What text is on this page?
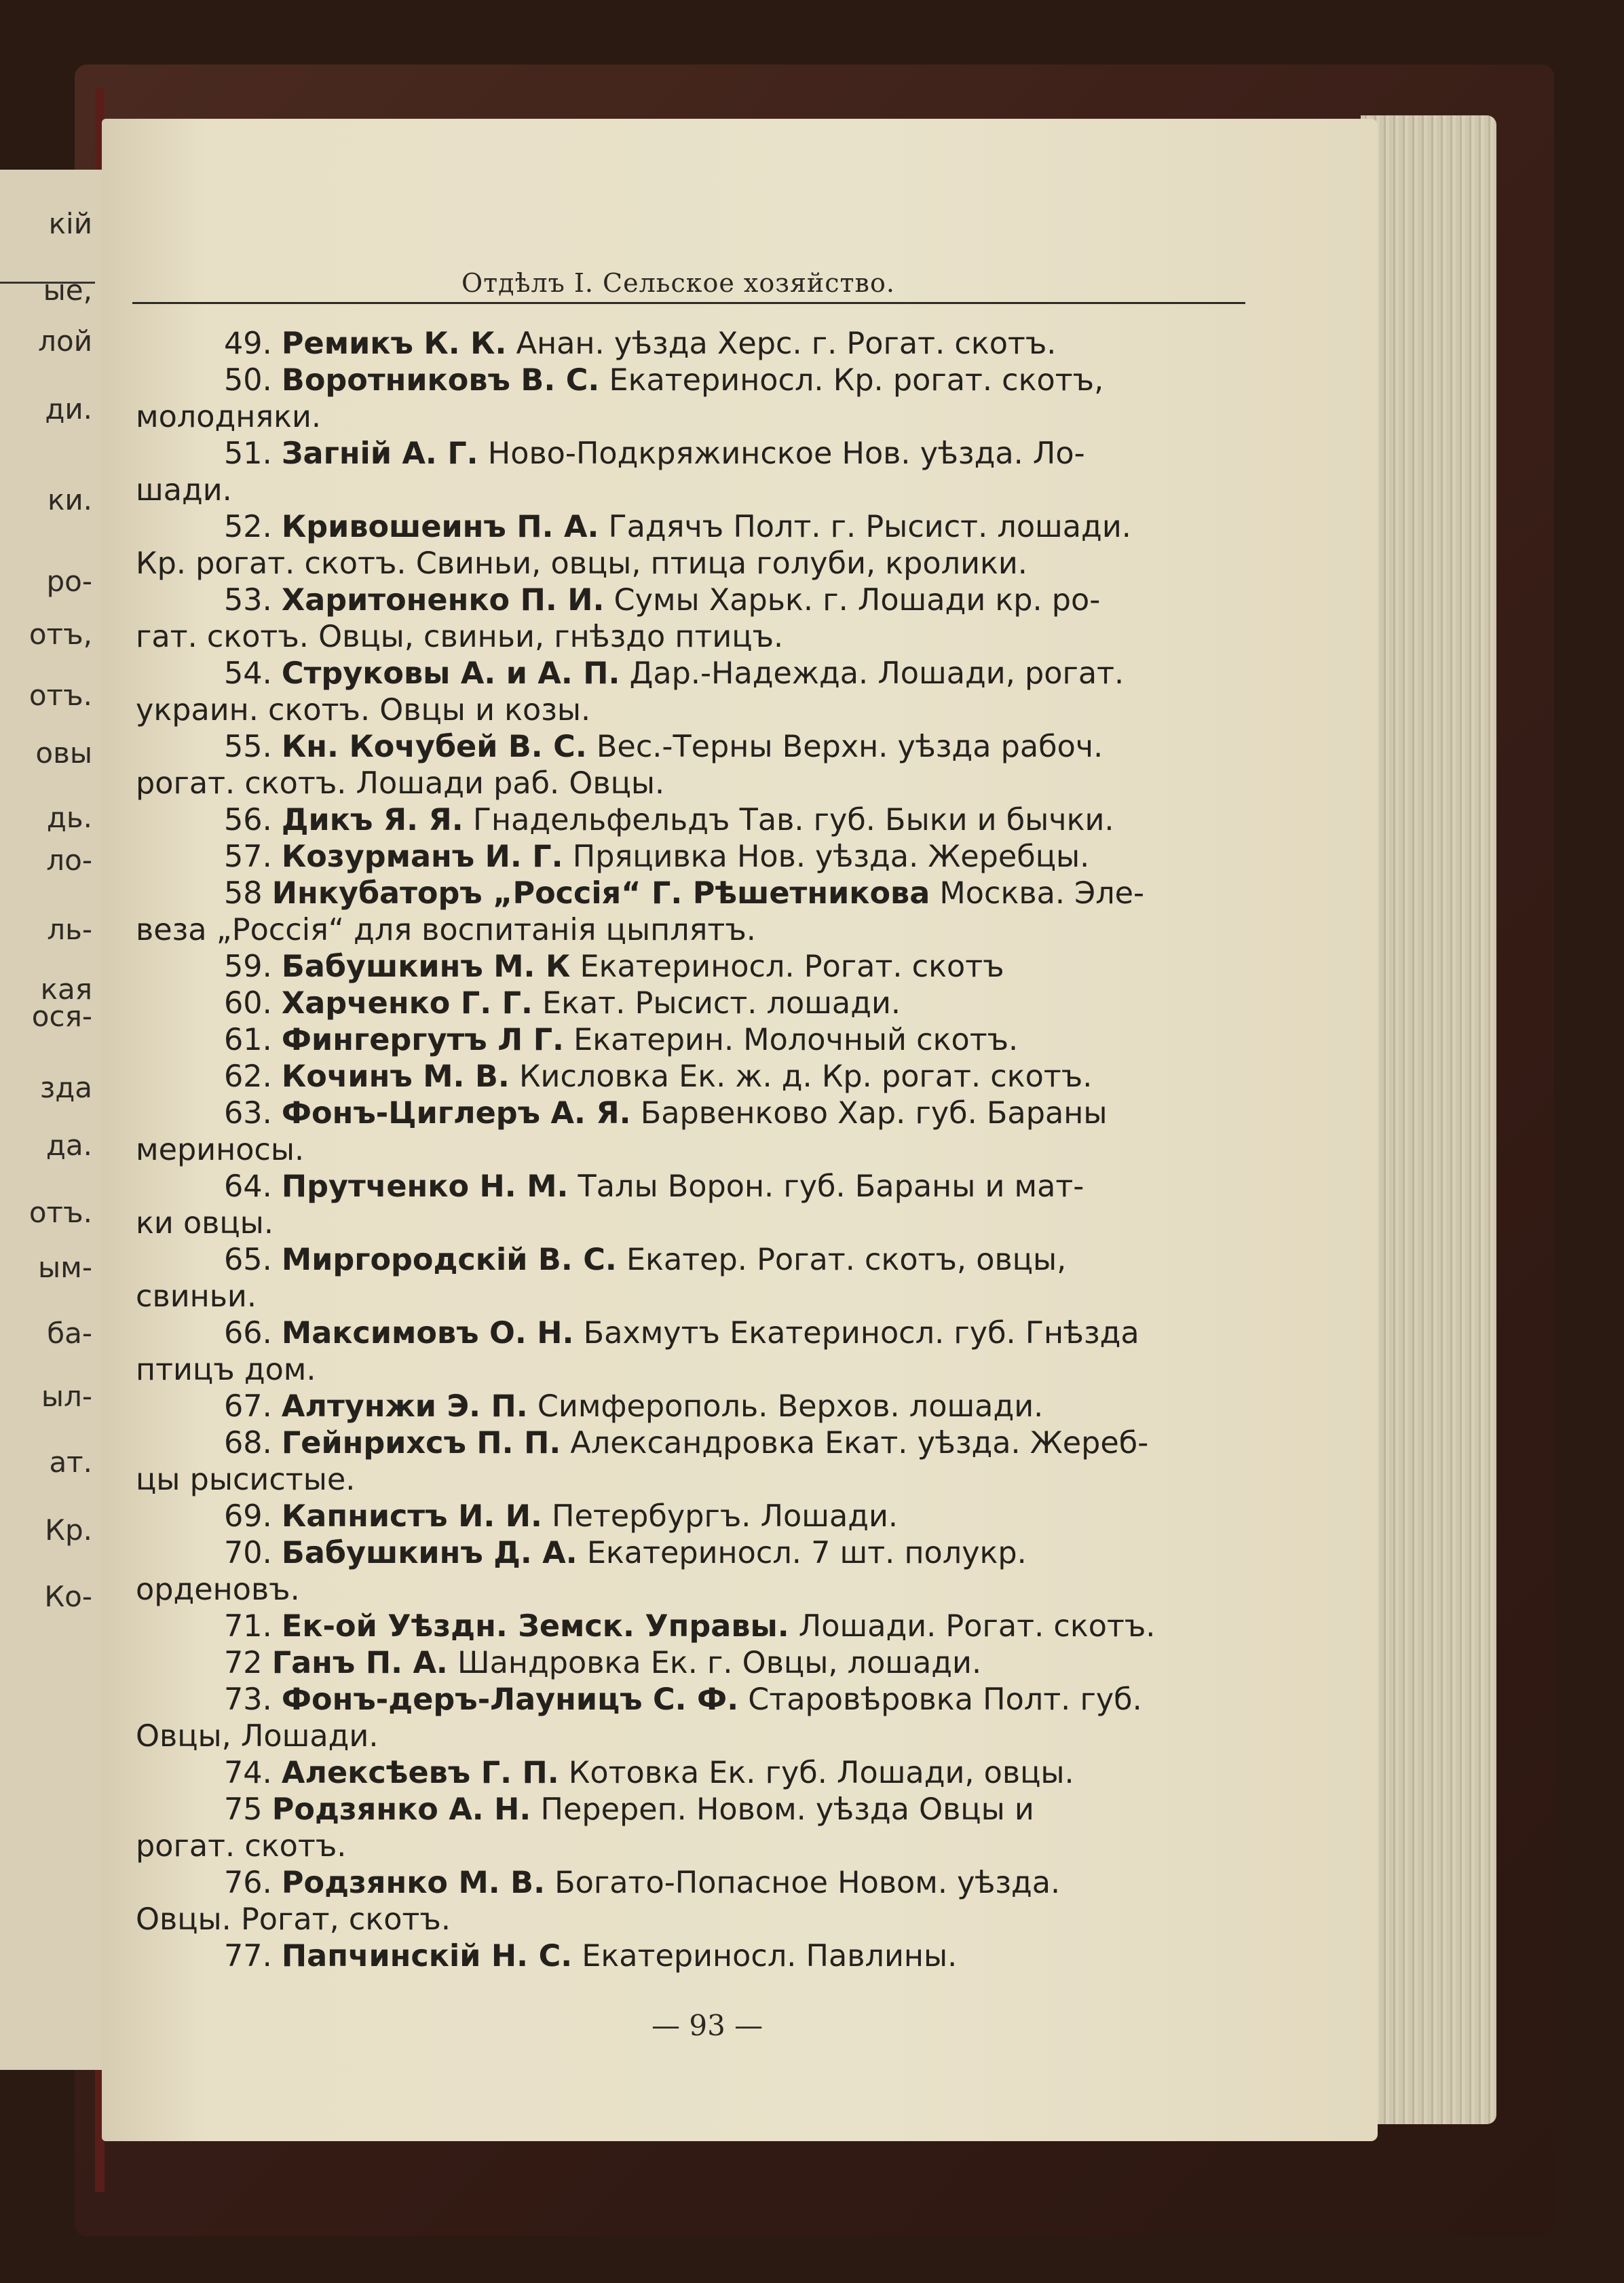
кій
ые,
лой
ди.
ки.
ро-
отъ,
отъ.
овы
дь.
ло-
ль-
кая
ося-
зда
да.
отъ.
ым-
ба-
ыл-
ат.
Кр.
Ко-
Отдѣлъ I. Сельское хозяйство.
49. Ремикъ К. К. Анан. уѣзда Херс. г. Рогат. скотъ.
50. Воротниковъ В. С. Екатериносл. Кр. рогат. скотъ,
молодняки.
51. Загній А. Г. Ново-Подкряжинское Нов. уѣзда. Ло-
шади.
52. Кривошеинъ П. А. Гадячъ Полт. г. Рысист. лошади.
Кр. рогат. скотъ. Свиньи, овцы, птица голуби, кролики.
53. Харитоненко П. И. Сумы Харьк. г. Лошади кр. ро-
гат. скотъ. Овцы, свиньи, гнѣздо птицъ.
54. Струковы А. и А. П. Дар.-Надежда. Лошади, рогат.
украин. скотъ. Овцы и козы.
55. Кн. Кочубей В. С. Вес.-Терны Верхн. уѣзда рабоч.
рогат. скотъ. Лошади раб. Овцы.
56. Дикъ Я. Я. Гнадельфельдъ Тав. губ. Быки и бычки.
57. Козурманъ И. Г. Пряцивка Нов. уѣзда. Жеребцы.
58 Инкубаторъ „Россія“ Г. Рѣшетникова Москва. Эле-
веза „Россія“ для воспитанія цыплятъ.
59. Бабушкинъ М. К Екатериносл. Рогат. скотъ
60. Харченко Г. Г. Екат. Рысист. лошади.
61. Фингергутъ Л Г. Екатерин. Молочный скотъ.
62. Кочинъ М. В. Кисловка Ек. ж. д. Кр. рогат. скотъ.
63. Фонъ-Циглеръ А. Я. Барвенково Хар. губ. Бараны
мериносы.
64. Прутченко Н. М. Талы Ворон. губ. Бараны и мат-
ки овцы.
65. Миргородскій В. С. Екатер. Рогат. скотъ, овцы,
свиньи.
66. Максимовъ О. Н. Бахмутъ Екатериносл. губ. Гнѣзда
птицъ дом.
67. Алтунжи Э. П. Симферополь. Верхов. лошади.
68. Гейнрихсъ П. П. Александровка Екат. уѣзда. Жереб-
цы рысистые.
69. Капнистъ И. И. Петербургъ. Лошади.
70. Бабушкинъ Д. А. Екатериносл. 7 шт. полукр.
орденовъ.
71. Ек-ой Уѣздн. Земск. Управы. Лошади. Рогат. скотъ.
72 Ганъ П. А. Шандровка Ек. г. Овцы, лошади.
73. Фонъ-деръ-Лауницъ С. Ф. Старовѣровка Полт. губ.
Овцы, Лошади.
74. Алексѣевъ Г. П. Котовка Ек. губ. Лошади, овцы.
75 Родзянко А. Н. Перереп. Новом. уѣзда Овцы и
рогат. скотъ.
76. Родзянко М. В. Богато-Попасное Новом. уѣзда.
Овцы. Рогат, скотъ.
77. Папчинскій Н. С. Екатериносл. Павлины.
— 93 —
